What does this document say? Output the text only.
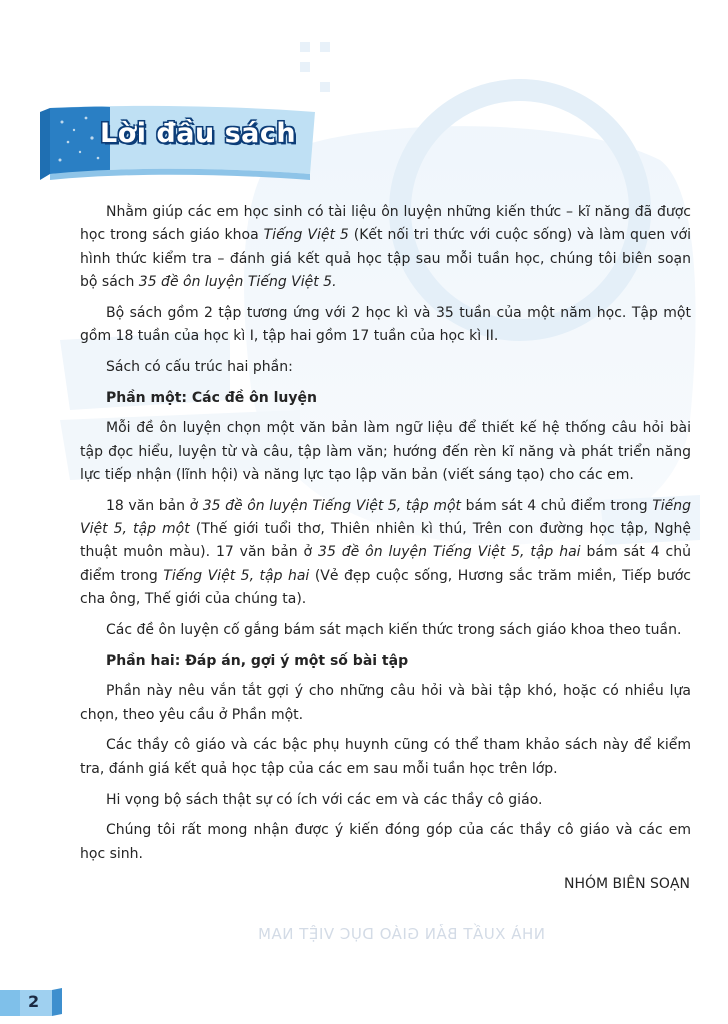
Lời đầu sách

Nhằm giúp các em học sinh có tài liệu ôn luyện những kiến thức – kĩ năng đã được học trong sách giáo khoa Tiếng Việt 5 (Kết nối tri thức với cuộc sống) và làm quen với hình thức kiểm tra – đánh giá kết quả học tập sau mỗi tuần học, chúng tôi biên soạn bộ sách 35 đề ôn luyện Tiếng Việt 5.

Bộ sách gồm 2 tập tương ứng với 2 học kì và 35 tuần của một năm học. Tập một gồm 18 tuần của học kì I, tập hai gồm 17 tuần của học kì II.

Sách có cấu trúc hai phần:

Phần một: Các đề ôn luyện

Mỗi đề ôn luyện chọn một văn bản làm ngữ liệu để thiết kế hệ thống câu hỏi bài tập đọc hiểu, luyện từ và câu, tập làm văn; hướng đến rèn kĩ năng và phát triển năng lực tiếp nhận (lĩnh hội) và năng lực tạo lập văn bản (viết sáng tạo) cho các em.

18 văn bản ở 35 đề ôn luyện Tiếng Việt 5, tập một bám sát 4 chủ điểm trong Tiếng Việt 5, tập một (Thế giới tuổi thơ, Thiên nhiên kì thú, Trên con đường học tập, Nghệ thuật muôn màu). 17 văn bản ở 35 đề ôn luyện Tiếng Việt 5, tập hai bám sát 4 chủ điểm trong Tiếng Việt 5, tập hai (Vẻ đẹp cuộc sống, Hương sắc trăm miền, Tiếp bước cha ông, Thế giới của chúng ta).

Các đề ôn luyện cố gắng bám sát mạch kiến thức trong sách giáo khoa theo tuần.

Phần hai: Đáp án, gợi ý một số bài tập

Phần này nêu vắn tắt gợi ý cho những câu hỏi và bài tập khó, hoặc có nhiều lựa chọn, theo yêu cầu ở Phần một.

Các thầy cô giáo và các bậc phụ huynh cũng có thể tham khảo sách này để kiểm tra, đánh giá kết quả học tập của các em sau mỗi tuần học trên lớp.

Hi vọng bộ sách thật sự có ích với các em và các thầy cô giáo.

Chúng tôi rất mong nhận được ý kiến đóng góp của các thầy cô giáo và các em học sinh.

NHÓM BIÊN SOẠN
NHÀ XUẤT BẢN GIÁO DỤC VIỆT NAM
2
